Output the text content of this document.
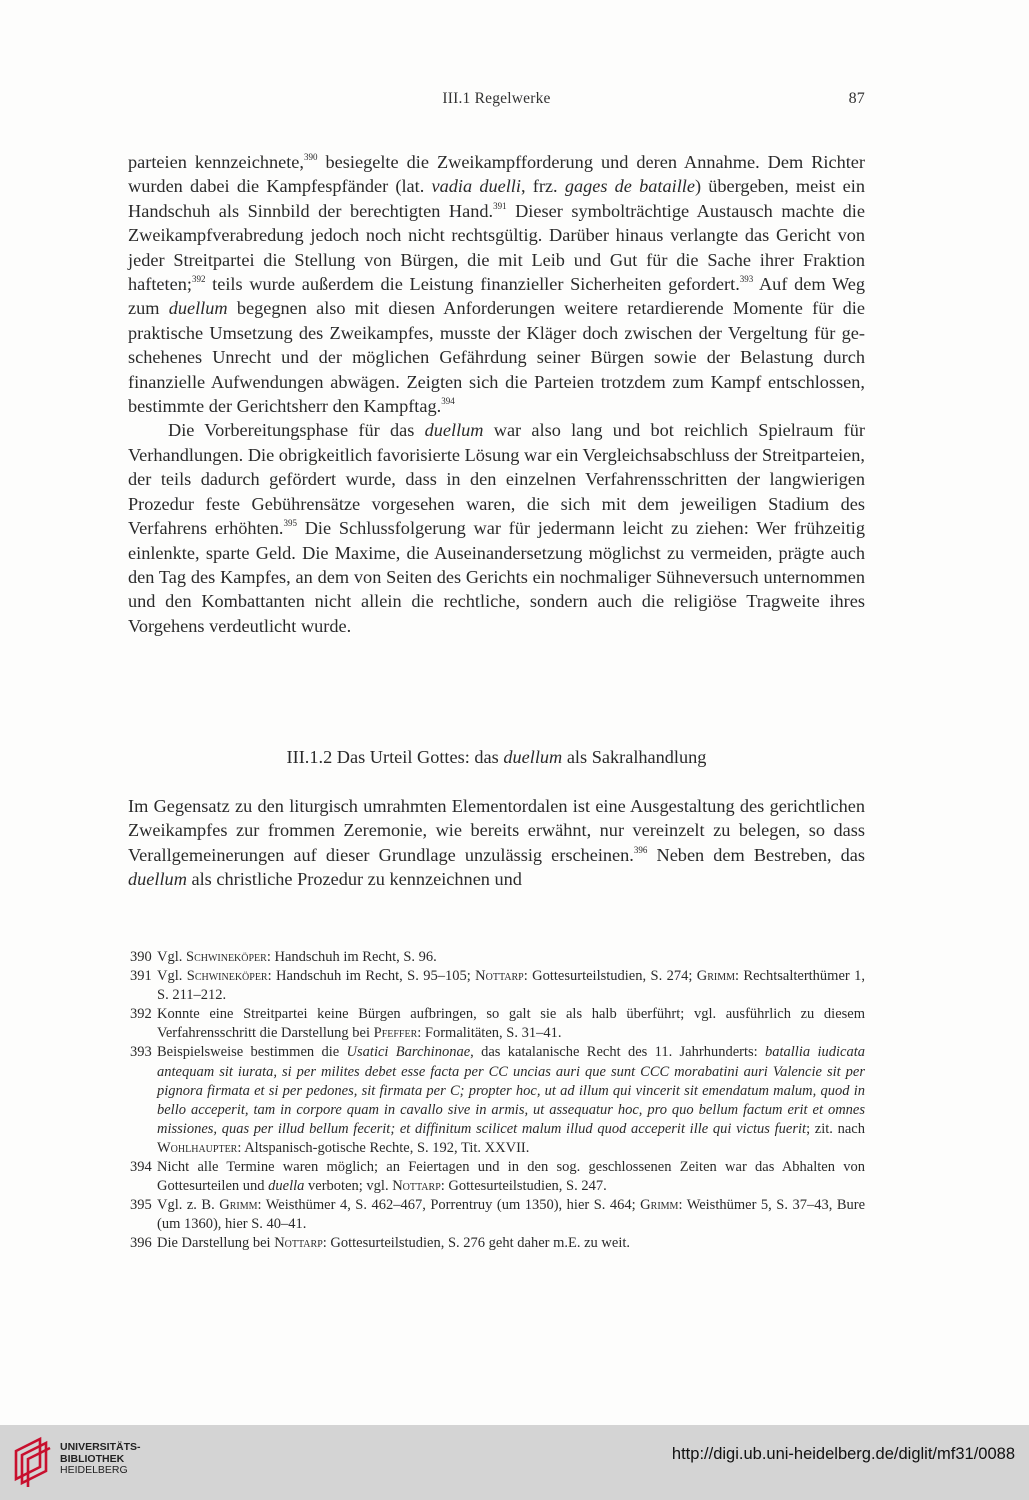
III.1 Regelwerke	87

parteien kennzeichnete,$^{390}$ besiegelte die Zweikampfforderung und deren Annahme. Dem Richter wurden dabei die Kampfespfänder (lat. vadia duelli, frz. gages de bataille) übergeben, meist ein Handschuh als Sinnbild der berechtigten Hand.$^{391}$ Dieser symbolträchtige Austausch machte die Zweikampfverabredung jedoch noch nicht rechtsgültig. Darüber hinaus verlangte das Gericht von jeder Streitpartei die Stellung von Bürgen, die mit Leib und Gut für die Sache ihrer Fraktion hafteten;$^{392}$ teils wurde außerdem die Leistung finanzieller Sicherheiten gefordert.$^{393}$ Auf dem Weg zum duellum begegnen also mit diesen Anforderungen weitere retardierende Momente für die praktische Umsetzung des Zweikampfes, musste der Kläger doch zwischen der Vergeltung für geschehenes Unrecht und der möglichen Gefährdung seiner Bürgen sowie der Belastung durch finanzielle Aufwendungen abwägen. Zeigten sich die Parteien trotzdem zum Kampf entschlossen, bestimmte der Gerichtsherr den Kampftag.$^{394}$

Die Vorbereitungsphase für das duellum war also lang und bot reichlich Spielraum für Verhandlungen. Die obrigkeitlich favorisierte Lösung war ein Vergleichsabschluss der Streitparteien, der teils dadurch gefördert wurde, dass in den einzelnen Verfahrensschritten der langwierigen Prozedur feste Gebührensätze vorgesehen waren, die sich mit dem jeweiligen Stadium des Verfahrens erhöhten.$^{395}$ Die Schlussfolgerung war für jedermann leicht zu ziehen: Wer frühzeitig einlenkte, sparte Geld. Die Maxime, die Auseinandersetzung möglichst zu vermeiden, prägte auch den Tag des Kampfes, an dem von Seiten des Gerichts ein nochmaliger Sühneversuch unternommen und den Kombattanten nicht allein die rechtliche, sondern auch die religiöse Tragweite ihres Vorgehens verdeutlicht wurde.

III.1.2 Das Urteil Gottes: das duellum als Sakralhandlung

Im Gegensatz zu den liturgisch umrahmten Elementordalen ist eine Ausgestaltung des gerichtlichen Zweikampfes zur frommen Zeremonie, wie bereits erwähnt, nur vereinzelt zu belegen, so dass Verallgemeinerungen auf dieser Grundlage unzulässig erscheinen.$^{396}$ Neben dem Bestreben, das duellum als christliche Prozedur zu kennzeichnen und

390 Vgl. Schwineköper: Handschuh im Recht, S. 96.
391 Vgl. Schwineköper: Handschuh im Recht, S. 95–105; Nottarp: Gottesurteilstudien, S. 274; Grimm: Rechtsalterthümer 1, S. 211–212.
392 Konnte eine Streitpartei keine Bürgen aufbringen, so galt sie als halb überführt; vgl. ausführlich zu diesem Verfahrensschritt die Darstellung bei Pfeffer: Formalitäten, S. 31–41.
393 Beispielsweise bestimmen die Usatici Barchinonae, das katalanische Recht des 11. Jahrhunderts: batallia iudicata antequam sit iurata, si per milites debet esse facta per CC uncias auri que sunt CCC morabatini auri Valencie sit per pignora firmata et si per pedones, sit firmata per C; propter hoc, ut ad illum qui vincerit sit emendatum malum, quod in bello acceperit, tam in corpore quam in cavallo sive in armis, ut assequatur hoc, pro quo bellum factum erit et omnes missiones, quas per illud bellum fecerit; et diffinitum scilicet malum illud quod acceperit ille qui victus fuerit; zit. nach Wohlhaupter: Altspanisch-gotische Rechte, S. 192, Tit. XXVII.
394 Nicht alle Termine waren möglich; an Feiertagen und in den sog. geschlossenen Zeiten war das Abhalten von Gottesurteilen und duella verboten; vgl. Nottarp: Gottesurteilstudien, S. 247.
395 Vgl. z. B. Grimm: Weisthümer 4, S. 462–467, Porrentruy (um 1350), hier S. 464; Grimm: Weisthümer 5, S. 37–43, Bure (um 1360), hier S. 40–41.
396 Die Darstellung bei Nottarp: Gottesurteilstudien, S. 276 geht daher m.E. zu weit.
UNIVERSITÄTS-
BIBLIOTHEK
HEIDELBERG
http://digi.ub.uni-heidelberg.de/diglit/mf31/0088
